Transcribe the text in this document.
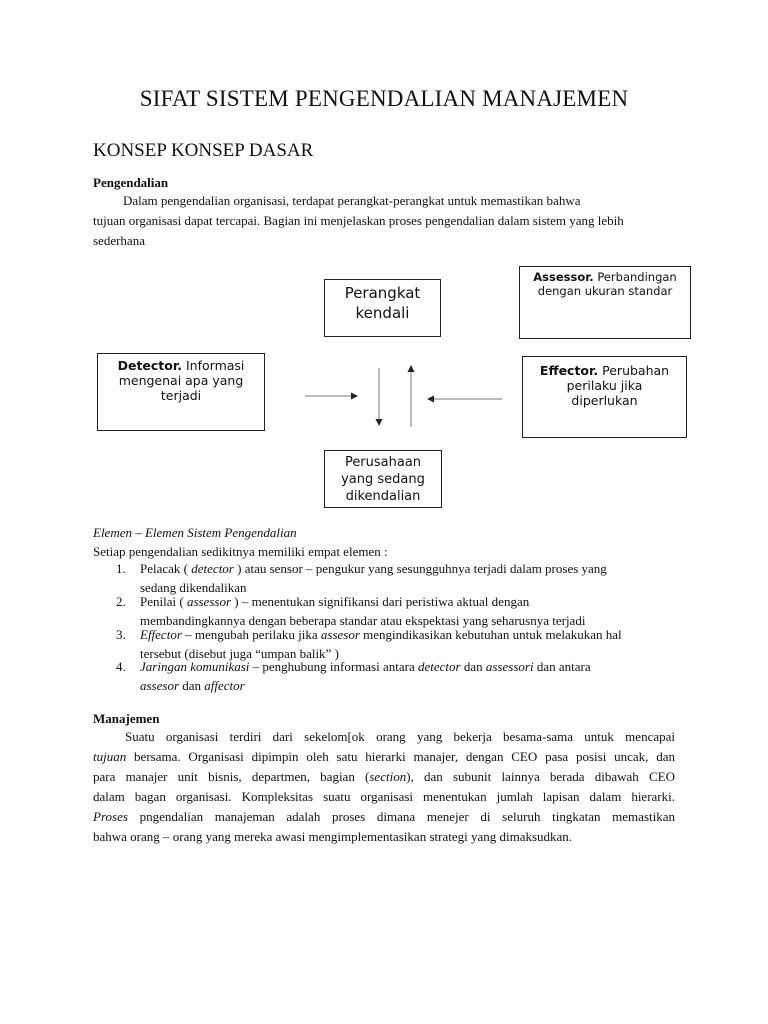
SIFAT SISTEM PENGENDALIAN MANAJEMEN
KONSEP KONSEP DASAR
Pengendalian
Dalam pengendalian organisasi, terdapat perangkat-perangkat untuk memastikan bahwa
tujuan organisasi dapat tercapai. Bagian ini menjelaskan proses pengendalian dalam sistem yang lebih
sederhana
Perangkat kendali
Assessor. Perbandingan dengan ukuran standar
Detector. Informasi mengenai apa yang terjadi
Effector. Perubahan perilaku jika diperlukan
Perusahaan yang sedang dikendalian
Elemen – Elemen Sistem Pengendalian
Setiap pengendalian sedikitnya memiliki empat elemen :
1. Pelacak ( detector ) atau sensor – pengukur yang sesungguhnya terjadi dalam proses yang
sedang dikendalikan
2. Penilai ( assessor ) – menentukan signifikansi dari peristiwa aktual dengan
membandingkannya dengan beberapa standar atau ekspektasi yang seharusnya terjadi
3. Effector – mengubah perilaku jika assesor mengindikasikan kebutuhan untuk melakukan hal
tersebut (disebut juga “umpan balik” )
4. Jaringan komunikasi – penghubung informasi antara detector dan assessori dan antara
assesor dan affector
Manajemen
Suatu organisasi terdiri dari sekelom[ok orang yang bekerja besama-sama untuk mencapai
tujuan bersama. Organisasi dipimpin oleh satu hierarki manajer, dengan CEO pasa posisi uncak, dan
para manajer unit bisnis, departmen, bagian (section), dan subunit lainnya berada dibawah CEO
dalam bagan organisasi. Kompleksitas suatu organisasi menentukan jumlah lapisan dalam hierarki.
Proses pngendalian manajeman adalah proses dimana menejer di seluruh tingkatan memastikan
bahwa orang – orang yang mereka awasi mengimplementasikan strategi yang dimaksudkan.
